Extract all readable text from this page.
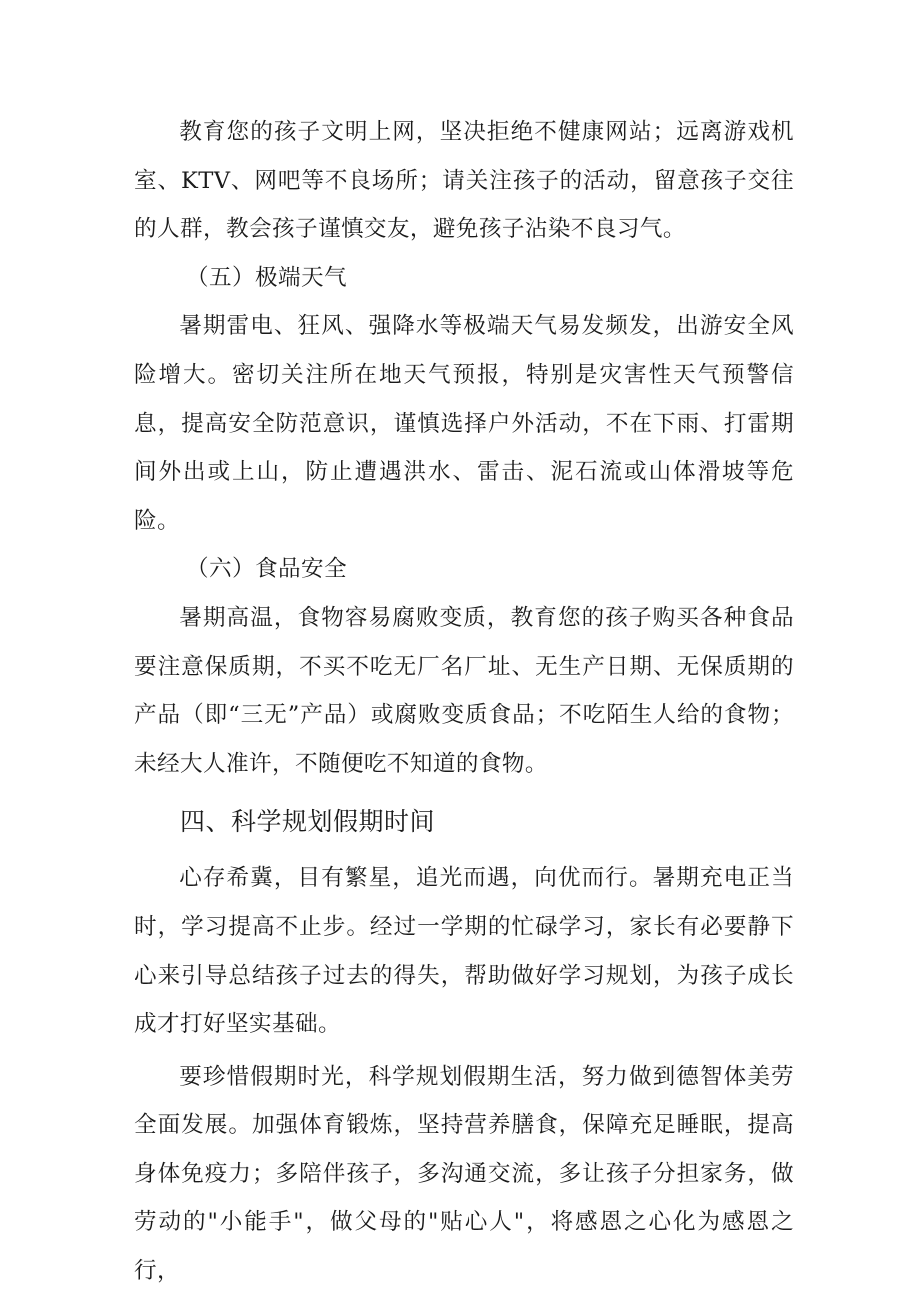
教育您的孩子文明上网，坚决拒绝不健康网站；远离游戏机室、KTV、网吧等不良场所；请关注孩子的活动，留意孩子交往的人群，教会孩子谨慎交友，避免孩子沾染不良习气。

（五）极端天气

暑期雷电、狂风、强降水等极端天气易发频发，出游安全风险增大。密切关注所在地天气预报，特别是灾害性天气预警信息，提高安全防范意识，谨慎选择户外活动，不在下雨、打雷期间外出或上山，防止遭遇洪水、雷击、泥石流或山体滑坡等危险。

（六）食品安全

暑期高温，食物容易腐败变质，教育您的孩子购买各种食品要注意保质期，不买不吃无厂名厂址、无生产日期、无保质期的产品（即“三无”产品）或腐败变质食品；不吃陌生人给的食物；未经大人准许，不随便吃不知道的食物。

四、科学规划假期时间

心存希冀，目有繁星，追光而遇，向优而行。暑期充电正当时，学习提高不止步。经过一学期的忙碌学习，家长有必要静下心来引导总结孩子过去的得失，帮助做好学习规划，为孩子成长成才打好坚实基础。

要珍惜假期时光，科学规划假期生活，努力做到德智体美劳全面发展。加强体育锻炼，坚持营养膳食，保障充足睡眠，提高身体免疫力；多陪伴孩子，多沟通交流，多让孩子分担家务，做劳动的"小能手"，做父母的"贴心人"，将感恩之心化为感恩之行，
